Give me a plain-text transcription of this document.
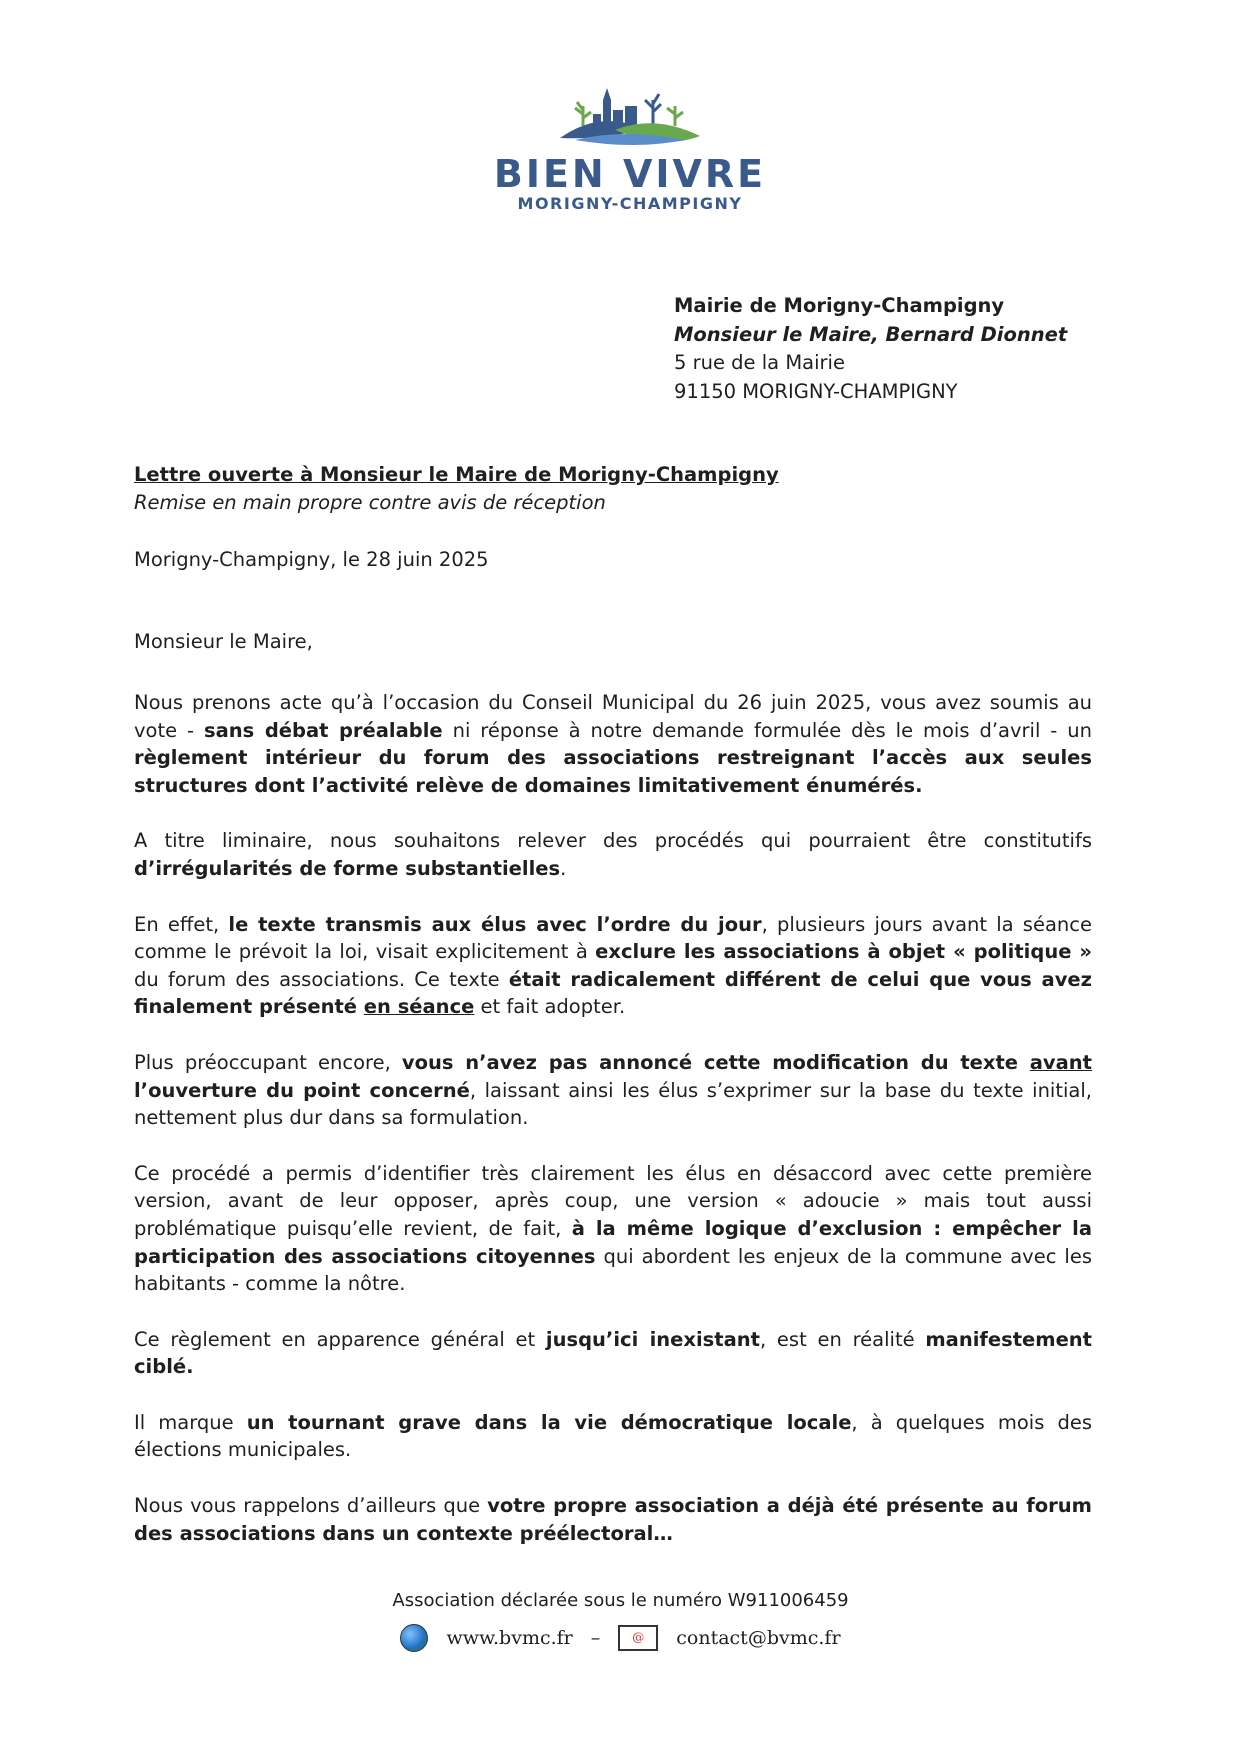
BIEN VIVRE
MORIGNY-CHAMPIGNY
Mairie de Morigny-Champigny
Monsieur le Maire, Bernard Dionnet
5 rue de la Mairie
91150 MORIGNY-CHAMPIGNY
Lettre ouverte à Monsieur le Maire de Morigny-Champigny
Remise en main propre contre avis de réception
Morigny-Champigny, le 28 juin 2025
Monsieur le Maire,

Nous prenons acte qu’à l’occasion du Conseil Municipal du 26 juin 2025, vous avez soumis au vote - sans débat préalable ni réponse à notre demande formulée dès le mois d’avril - un règlement intérieur du forum des associations restreignant l’accès aux seules structures dont l’activité relève de domaines limitativement énumérés.

A titre liminaire, nous souhaitons relever des procédés qui pourraient être constitutifs d’irrégularités de forme substantielles.

En effet, le texte transmis aux élus avec l’ordre du jour, plusieurs jours avant la séance comme le prévoit la loi, visait explicitement à exclure les associations à objet « politique » du forum des associations. Ce texte était radicalement différent de celui que vous avez finalement présenté en séance et fait adopter.

Plus préoccupant encore, vous n’avez pas annoncé cette modification du texte avant l’ouverture du point concerné, laissant ainsi les élus s’exprimer sur la base du texte initial, nettement plus dur dans sa formulation.

Ce procédé a permis d’identifier très clairement les élus en désaccord avec cette première version, avant de leur opposer, après coup, une version « adoucie » mais tout aussi problématique puisqu’elle revient, de fait, à la même logique d’exclusion : empêcher la participation des associations citoyennes qui abordent les enjeux de la commune avec les habitants - comme la nôtre.

Ce règlement en apparence général et jusqu’ici inexistant, est en réalité manifestement ciblé.

Il marque un tournant grave dans la vie démocratique locale, à quelques mois des élections municipales.

Nous vous rappelons d’ailleurs que votre propre association a déjà été présente au forum des associations dans un contexte préélectoral…

Association déclarée sous le numéro W911006459
www.bvmc.fr –	@ contact@bvmc.fr
